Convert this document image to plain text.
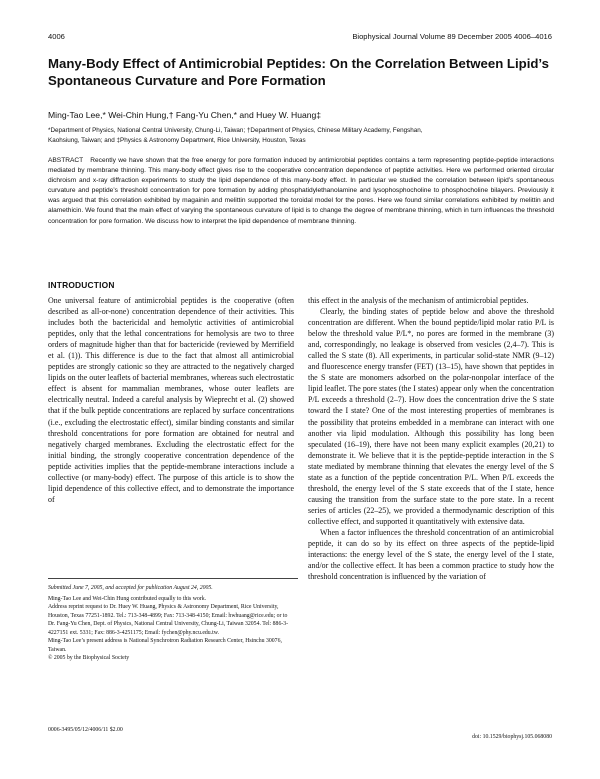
4006	Biophysical Journal Volume 89 December 2005 4006–4016
Many-Body Effect of Antimicrobial Peptides: On the Correlation Between Lipid’s Spontaneous Curvature and Pore Formation
Ming-Tao Lee,* Wei-Chin Hung,† Fang-Yu Chen,* and Huey W. Huang‡
*Department of Physics, National Central University, Chung-Li, Taiwan; †Department of Physics, Chinese Military Academy, Fengshan,
Kaohsiung, Taiwan; and ‡Physics & Astronomy Department, Rice University, Houston, Texas
ABSTRACT Recently we have shown that the free energy for pore formation induced by antimicrobial peptides contains a term representing peptide-peptide interactions mediated by membrane thinning. This many-body effect gives rise to the cooperative concentration dependence of peptide activities. Here we performed oriented circular dichroism and x-ray diffraction experiments to study the lipid dependence of this many-body effect. In particular we studied the correlation between lipid’s spontaneous curvature and peptide’s threshold concentration for pore formation by adding phosphatidylethanolamine and lysophosphocholine to phosphocholine bilayers. Previously it was argued that this correlation exhibited by magainin and melittin supported the toroidal model for the pores. Here we found similar correlations exhibited by melittin and alamethicin. We found that the main effect of varying the spontaneous curvature of lipid is to change the degree of membrane thinning, which in turn influences the threshold concentration for pore formation. We discuss how to interpret the lipid dependence of membrane thinning.
INTRODUCTION

One universal feature of antimicrobial peptides is the cooperative (often described as all-or-none) concentration dependence of their activities. This includes both the bactericidal and hemolytic activities of antimicrobial peptides, only that the lethal concentrations for hemolysis are two to three orders of magnitude higher than that for bactericide (reviewed by Merrifield et al. (1)). This difference is due to the fact that almost all antimicrobial peptides are strongly cationic so they are attracted to the negatively charged lipids on the outer leaflets of bacterial membranes, whereas such electrostatic effect is absent for mammalian membranes, whose outer leaflets are electrically neutral. Indeed a careful analysis by Wieprecht et al. (2) showed that if the bulk peptide concentrations are replaced by surface concentrations (i.e., excluding the electrostatic effect), similar binding constants and similar threshold concentrations for pore formation are obtained for neutral and negatively charged membranes. Excluding the electrostatic effect for the initial binding, the strongly cooperative concentration dependence of the peptide activities implies that the peptide-membrane interactions include a collective (or many-body) effect. The purpose of this article is to show the lipid dependence of this collective effect, and to demonstrate the importance of

this effect in the analysis of the mechanism of antimicrobial peptides.

Clearly, the binding states of peptide below and above the threshold concentration are different. When the bound peptide/lipid molar ratio P/L is below the threshold value P/L*, no pores are formed in the membrane (3) and, correspondingly, no leakage is observed from vesicles (2,4–7). This is called the S state (8). All experiments, in particular solid-state NMR (9–12) and fluorescence energy transfer (FET) (13–15), have shown that peptides in the S state are monomers adsorbed on the polar-nonpolar interface of the lipid leaflet. The pore states (the I states) appear only when the concentration P/L exceeds a threshold (2–7). How does the concentration drive the S state toward the I state? One of the most interesting properties of membranes is the possibility that proteins embedded in a membrane can interact with one another via lipid modulation. Although this possibility has long been speculated (16–19), there have not been many explicit examples (20,21) to demonstrate it. We believe that it is the peptide-peptide interaction in the S state mediated by membrane thinning that elevates the energy level of the S state as a function of the peptide concentration P/L. When P/L exceeds the threshold, the energy level of the S state exceeds that of the I state, hence causing the transition from the surface state to the pore state. In a recent series of articles (22–25), we provided a thermodynamic description of this collective effect, and supported it quantitatively with extensive data.

When a factor influences the threshold concentration of an antimicrobial peptide, it can do so by its effect on three aspects of the peptide-lipid interactions: the energy level of the S state, the energy level of the I state, and/or the collective effect. It has been a common practice to study how the threshold concentration is influenced by the variation of

Submitted June 7, 2005, and accepted for publication August 24, 2005.

Ming-Tao Lee and Wei-Chin Hung contributed equally to this work.

Address reprint request to Dr. Huey W. Huang, Physics & Astronomy Department, Rice University, Houston, Texas 77251-1892. Tel.: 713-348-4899; Fax: 713-348-4150; Email: hwhuang@rice.edu; or to Dr. Fang-Yu Chen, Dept. of Physics, National Central University, Chung-Li, Taiwan 32054. Tel: 886-3-4227151 ext. 5331; Fax: 886-3-4251175; Email: fychen@phy.ncu.edu.tw.

Ming-Tao Lee’s present address is National Synchrotron Radiation Research Center, Hsinchu 30076, Taiwan.

© 2005 by the Biophysical Society

0006-3495/05/12/4006/11 $2.00
doi: 10.1529/biophysj.105.068080
